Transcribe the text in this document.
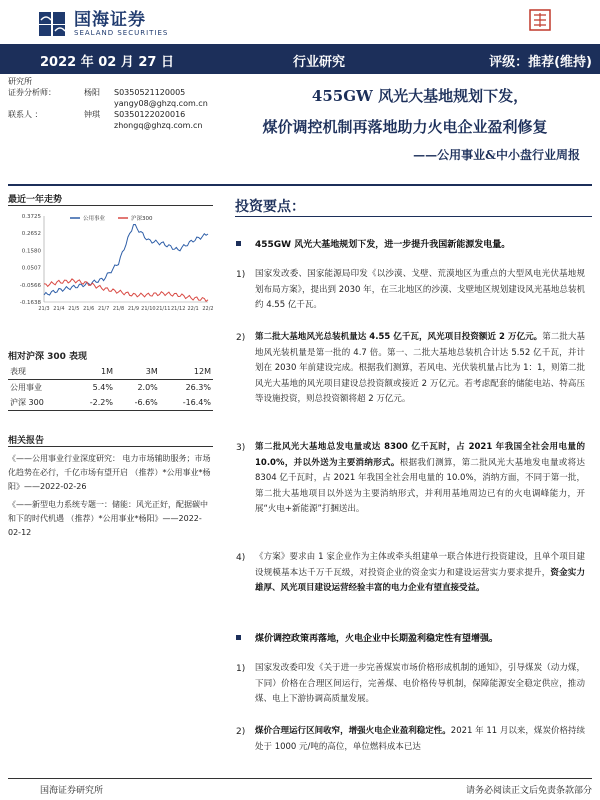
国海证券
SEALAND SECURITIES
2022 年 02 月 27 日	行业研究	评级：推荐(维持)
研究所
证券分析师：	杨阳 S0350521120005
yangy08@ghzq.com.cn
联系人 ：	钟琪 S0350122020016
zhongq@ghzq.com.cn
455GW 风光大基地规划下发，
煤价调控机制再落地助力火电企业盈利修复
——公用事业&中小盘行业周报
最近一年走势
0.3725
0.2652
0.1580
0.0507
-0.0566
-0.1638
21/3 21/4 21/5 21/6 21/7 21/8 21/9 21/10 21/11 21/12 22/1 22/2
公用事业	沪深300
相对沪深 300 表现
表现	1M	3M	12M
公用事业	5.4%	2.0%	26.3%
沪深 300	-2.2%	-6.6%	-16.4%
相关报告
《——公用事业行业深度研究： 电力市场辅助服务；市场化趋势在必行，千亿市场有望开启 （推荐）*公用事业*杨阳》——2022-02-26
《——新型电力系统专题一：储能：风光正好，配据碳中和下的时代机遇 （推荐）*公用事业*杨阳》——2022-02-12
投资要点：
455GW 风光大基地规划下发，进一步提升我国新能源发电量。
1) 国家发改委、国家能源局印发《以沙漠、戈壁、荒漠地区为重点的大型风电光伏基地规划布局方案》，提出到 2030 年，在三北地区的沙漠、戈壁地区规划建设风光基地总装机约 4.55 亿千瓦。
2) 第二批大基地风光总装机量达 4.55 亿千瓦，风光项目投资额近 2 万亿元。第二批大基地风光装机量是第一批的 4.7 倍。第一、二批大基地总装机合计达 5.52 亿千瓦，并计划在 2030 年前建设完成。根据我们测算，若风电、光伏装机量占比为 1：1，则第二批风光大基地的风光项目建设总投资额或接近 2 万亿元。若考虑配套的储能电站、特高压等设施投资，则总投资额将超 2 万亿元。
3) 第二批风光大基地总发电量或达 8300 亿千瓦时，占 2021 年我国全社会用电量的 10.0%，并以外送为主要消纳形式。根据我们测算，第二批风光大基地发电量或将达 8304 亿千瓦时，占 2021 年我国全社会用电量的 10.0%，消纳方面，不同于第一批，第二批大基地项目以外送为主要消纳形式，并利用基地周边已有的火电调峰能力，开展“火电+新能源”打捆送出。
4) 《方案》要求由 1 家企业作为主体或牵头组建单一联合体进行投资建设，且单个项目建设规模基本达千万千瓦级，对投资企业的资金实力和建设运营实力要求提升，资金实力雄厚、风光项目建设运营经验丰富的电力企业有望直接受益。
煤价调控政策再落地，火电企业中长期盈利稳定性有望增强。
1) 国家发改委印发《关于进一步完善煤炭市场价格形成机制的通知》，引导煤炭（动力煤，下同）价格在合理区间运行，完善煤、电价格传导机制，保障能源安全稳定供应，推动煤、电上下游协调高质量发展。
2) 煤价合理运行区间收窄，增强火电企业盈利稳定性。2021 年 11 月以来，煤炭价格持续处于 1000 元/吨的高位，单位燃料成本已达
国海证券研究所	请务必阅读正文后免责条款部分
